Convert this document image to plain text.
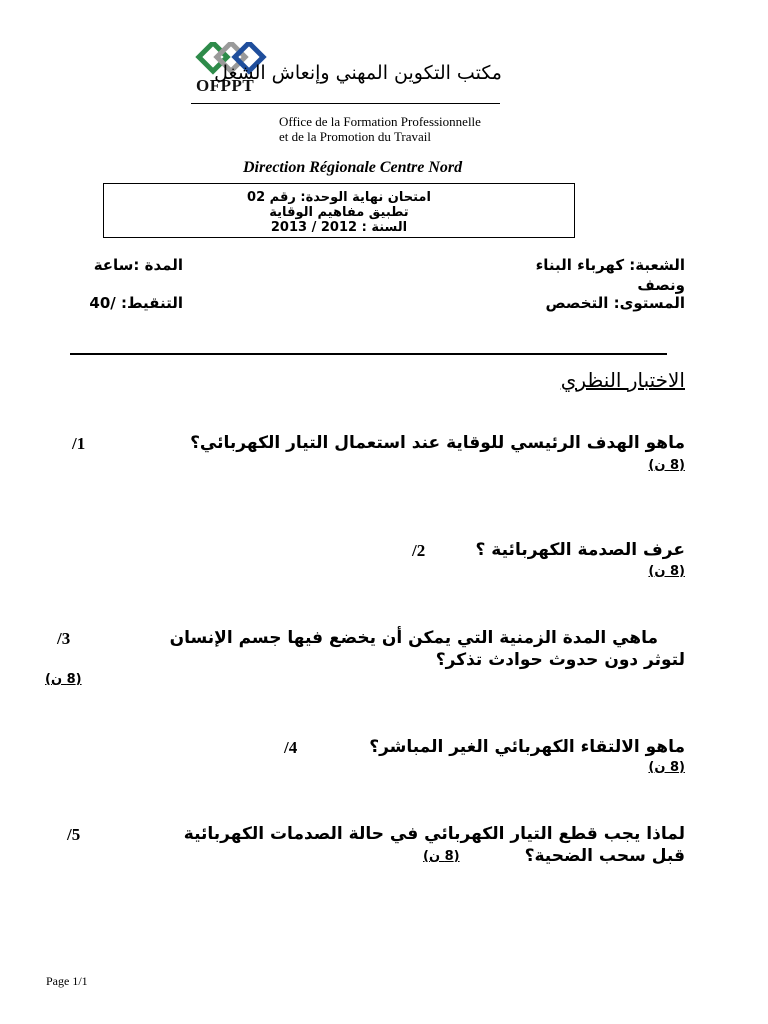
OFPPT
مكتب التكوين المهني وإنعاش الشغل
Office de la Formation Professionnelle
et de la Promotion du Travail
Direction Régionale Centre Nord
امتحان نهاية الوحدة: رقم 02
تطبيق مفاهيم الوقاية
السنة : 2012 / 2013
الشعبة: كهرباء البناء
المدة :ساعة
ونصف
المستوى: التخصص
التنقيط: /40
الاختبار النظري
ماهو الهدف الرئيسي للوقاية عند استعمال التيار الكهربائي؟
/1
(8 ن)
عرف الصدمة الكهربائية ؟
/2
(8 ن)
ماهي المدة الزمنية التي يمكن أن يخضع فيها جسم الإنسان
/3
لتوثر دون حدوث حوادث تذكر؟
(8 ن)
ماهو الالتقاء الكهربائي الغير المباشر؟
/4
(8 ن)
لماذا يجب قطع التيار الكهربائي في حالة الصدمات الكهربائية
/5
قبل سحب الضحية؟
(8 ن)
Page 1/1
